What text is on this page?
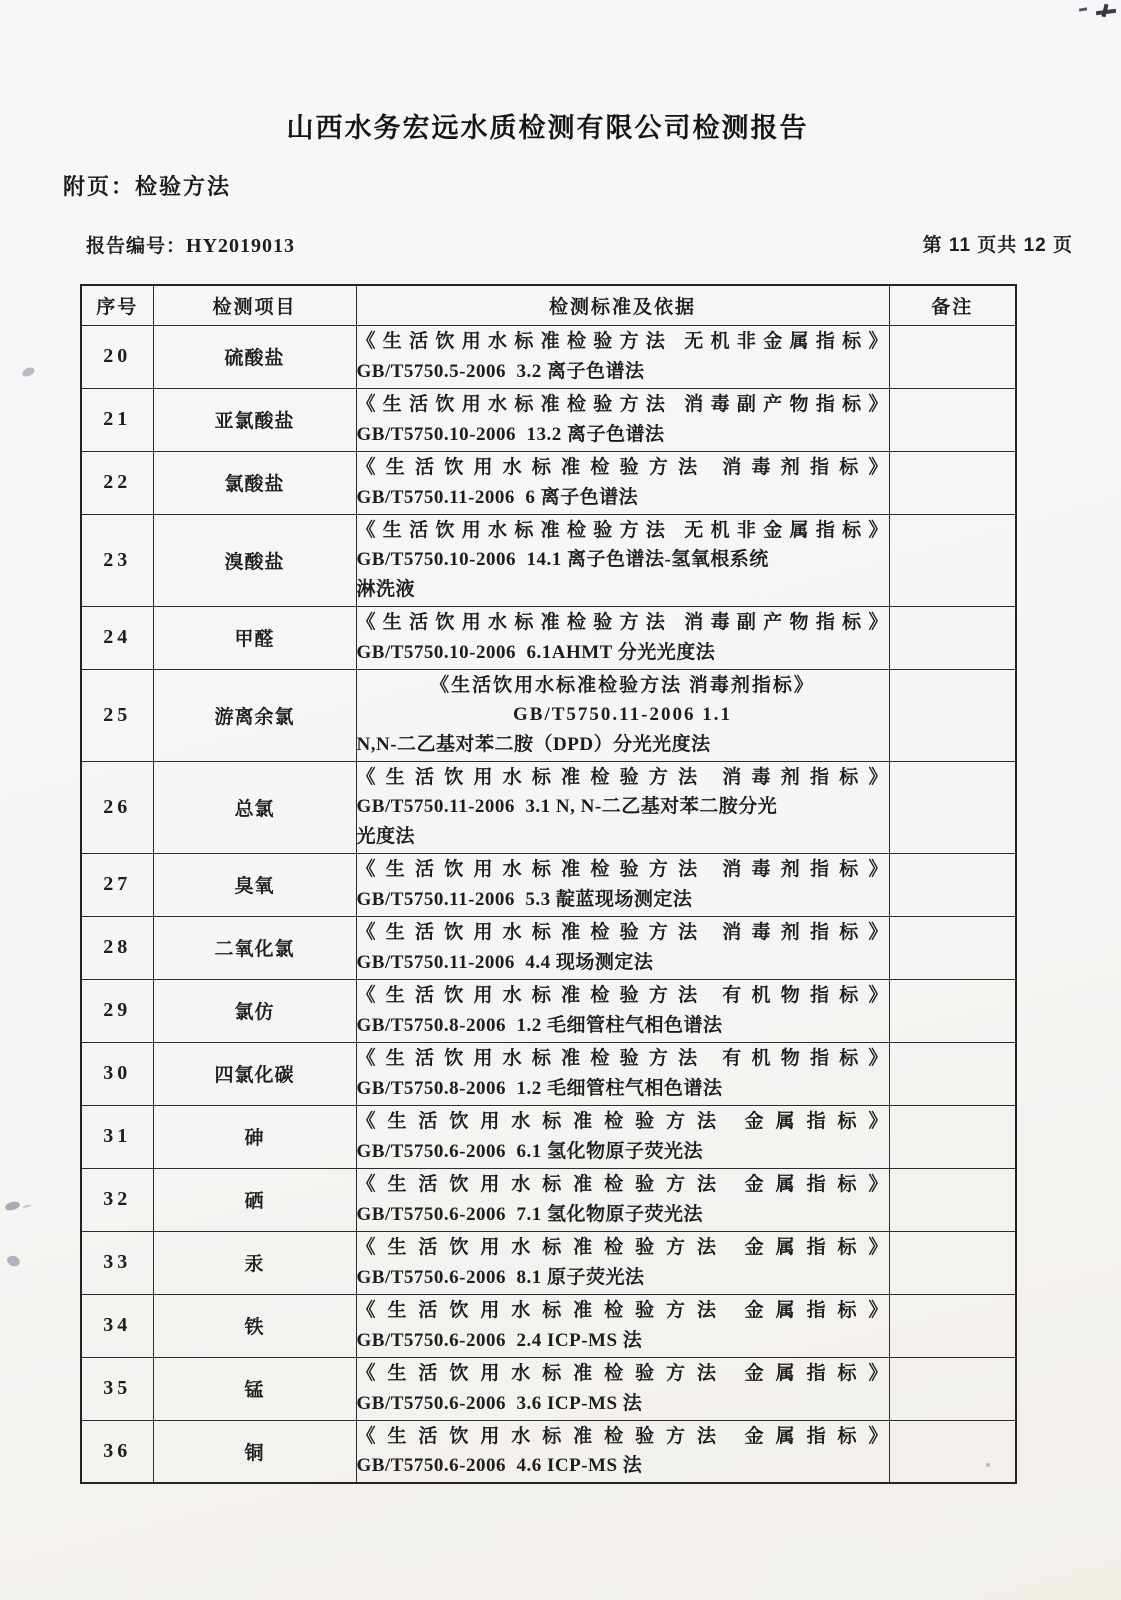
山西水务宏远水质检测有限公司检测报告
附页：检验方法
报告编号：HY2019013	第 11 页共 12 页
序号	检测项目	检测标准及依据	备注
20	硫酸盐	《生活饮用水标准检验方法 无机非金属指标》
GB/T5750.5-2006  3.2 离子色谱法	

21	亚氯酸盐	《生活饮用水标准检验方法 消毒副产物指标》
GB/T5750.10-2006  13.2 离子色谱法	

22	氯酸盐	《生活饮用水标准检验方法 消毒剂指标》
GB/T5750.11-2006  6 离子色谱法	

23	溴酸盐	《生活饮用水标准检验方法 无机非金属指标》
GB/T5750.10-2006  14.1 离子色谱法-氢氧根系统
淋洗液	

24	甲醛	《生活饮用水标准检验方法 消毒副产物指标》
GB/T5750.10-2006  6.1AHMT 分光光度法	

25	游离余氯	《生活饮用水标准检验方法 消毒剂指标》
GB/T5750.11-2006 1.1
N,N-二乙基对苯二胺（DPD）分光光度法	

26	总氯	《生活饮用水标准检验方法 消毒剂指标》
GB/T5750.11-2006  3.1 N, N-二乙基对苯二胺分光
光度法	

27	臭氧	《生活饮用水标准检验方法 消毒剂指标》
GB/T5750.11-2006  5.3 靛蓝现场测定法	

28	二氧化氯	《生活饮用水标准检验方法 消毒剂指标》
GB/T5750.11-2006  4.4 现场测定法	

29	氯仿	《生活饮用水标准检验方法 有机物指标》
GB/T5750.8-2006  1.2 毛细管柱气相色谱法	

30	四氯化碳	《生活饮用水标准检验方法 有机物指标》
GB/T5750.8-2006  1.2 毛细管柱气相色谱法	

31	砷	《生活饮用水标准检验方法 金属指标》
GB/T5750.6-2006  6.1 氢化物原子荧光法	

32	硒	《生活饮用水标准检验方法 金属指标》
GB/T5750.6-2006  7.1 氢化物原子荧光法	

33	汞	《生活饮用水标准检验方法 金属指标》
GB/T5750.6-2006  8.1 原子荧光法	

34	铁	《生活饮用水标准检验方法 金属指标》
GB/T5750.6-2006  2.4 ICP-MS 法	

35	锰	《生活饮用水标准检验方法 金属指标》
GB/T5750.6-2006  3.6 ICP-MS 法	

36	铜	《生活饮用水标准检验方法 金属指标》
GB/T5750.6-2006  4.6 ICP-MS 法	
